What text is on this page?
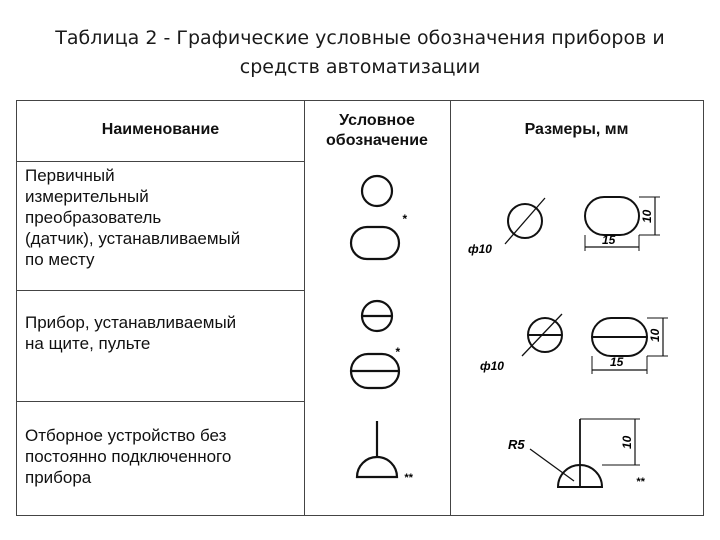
Таблица 2 - Графические условные обозначения приборов и
средств автоматизации
Наименование
Условное
обозначение
Размеры, мм
Первичный
измерительный
преобразователь
(датчик), устанавливаемый
по месту
Прибор, устанавливаемый
на щите, пульте
Отборное устройство без
постоянно подключенного
прибора
*
ф10
10
15
*
ф10
10
15
**
10
R5
**
